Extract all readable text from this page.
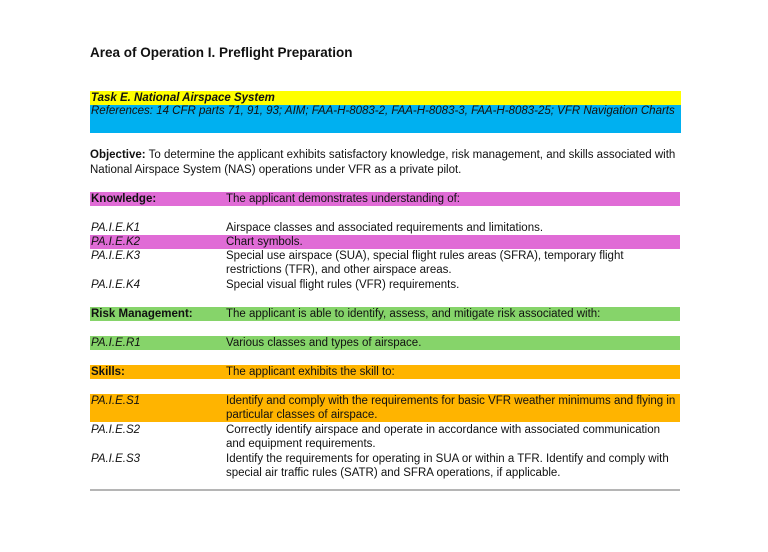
Area of Operation I. Preflight Preparation
Task E. National Airspace System
References: 14 CFR parts 71, 91, 93; AIM; FAA-H-8083-2, FAA-H-8083-3, FAA-H-8083-25; VFR Navigation Charts
Objective: To determine the applicant exhibits satisfactory knowledge, risk management, and skills associated with National Airspace System (NAS) operations under VFR as a private pilot.
Knowledge:	The applicant demonstrates understanding of:
PA.I.E.K1	Airspace classes and associated requirements and limitations.
PA.I.E.K2	Chart symbols.
PA.I.E.K3	Special use airspace (SUA), special flight rules areas (SFRA), temporary flight restrictions (TFR), and other airspace areas.
PA.I.E.K4	Special visual flight rules (VFR) requirements.
Risk Management:	The applicant is able to identify, assess, and mitigate risk associated with:
PA.I.E.R1	Various classes and types of airspace.
Skills:	The applicant exhibits the skill to:
PA.I.E.S1	Identify and comply with the requirements for basic VFR weather minimums and flying in particular classes of airspace.
PA.I.E.S2	Correctly identify airspace and operate in accordance with associated communication and equipment requirements.
PA.I.E.S3	Identify the requirements for operating in SUA or within a TFR. Identify and comply with special air traffic rules (SATR) and SFRA operations, if applicable.
